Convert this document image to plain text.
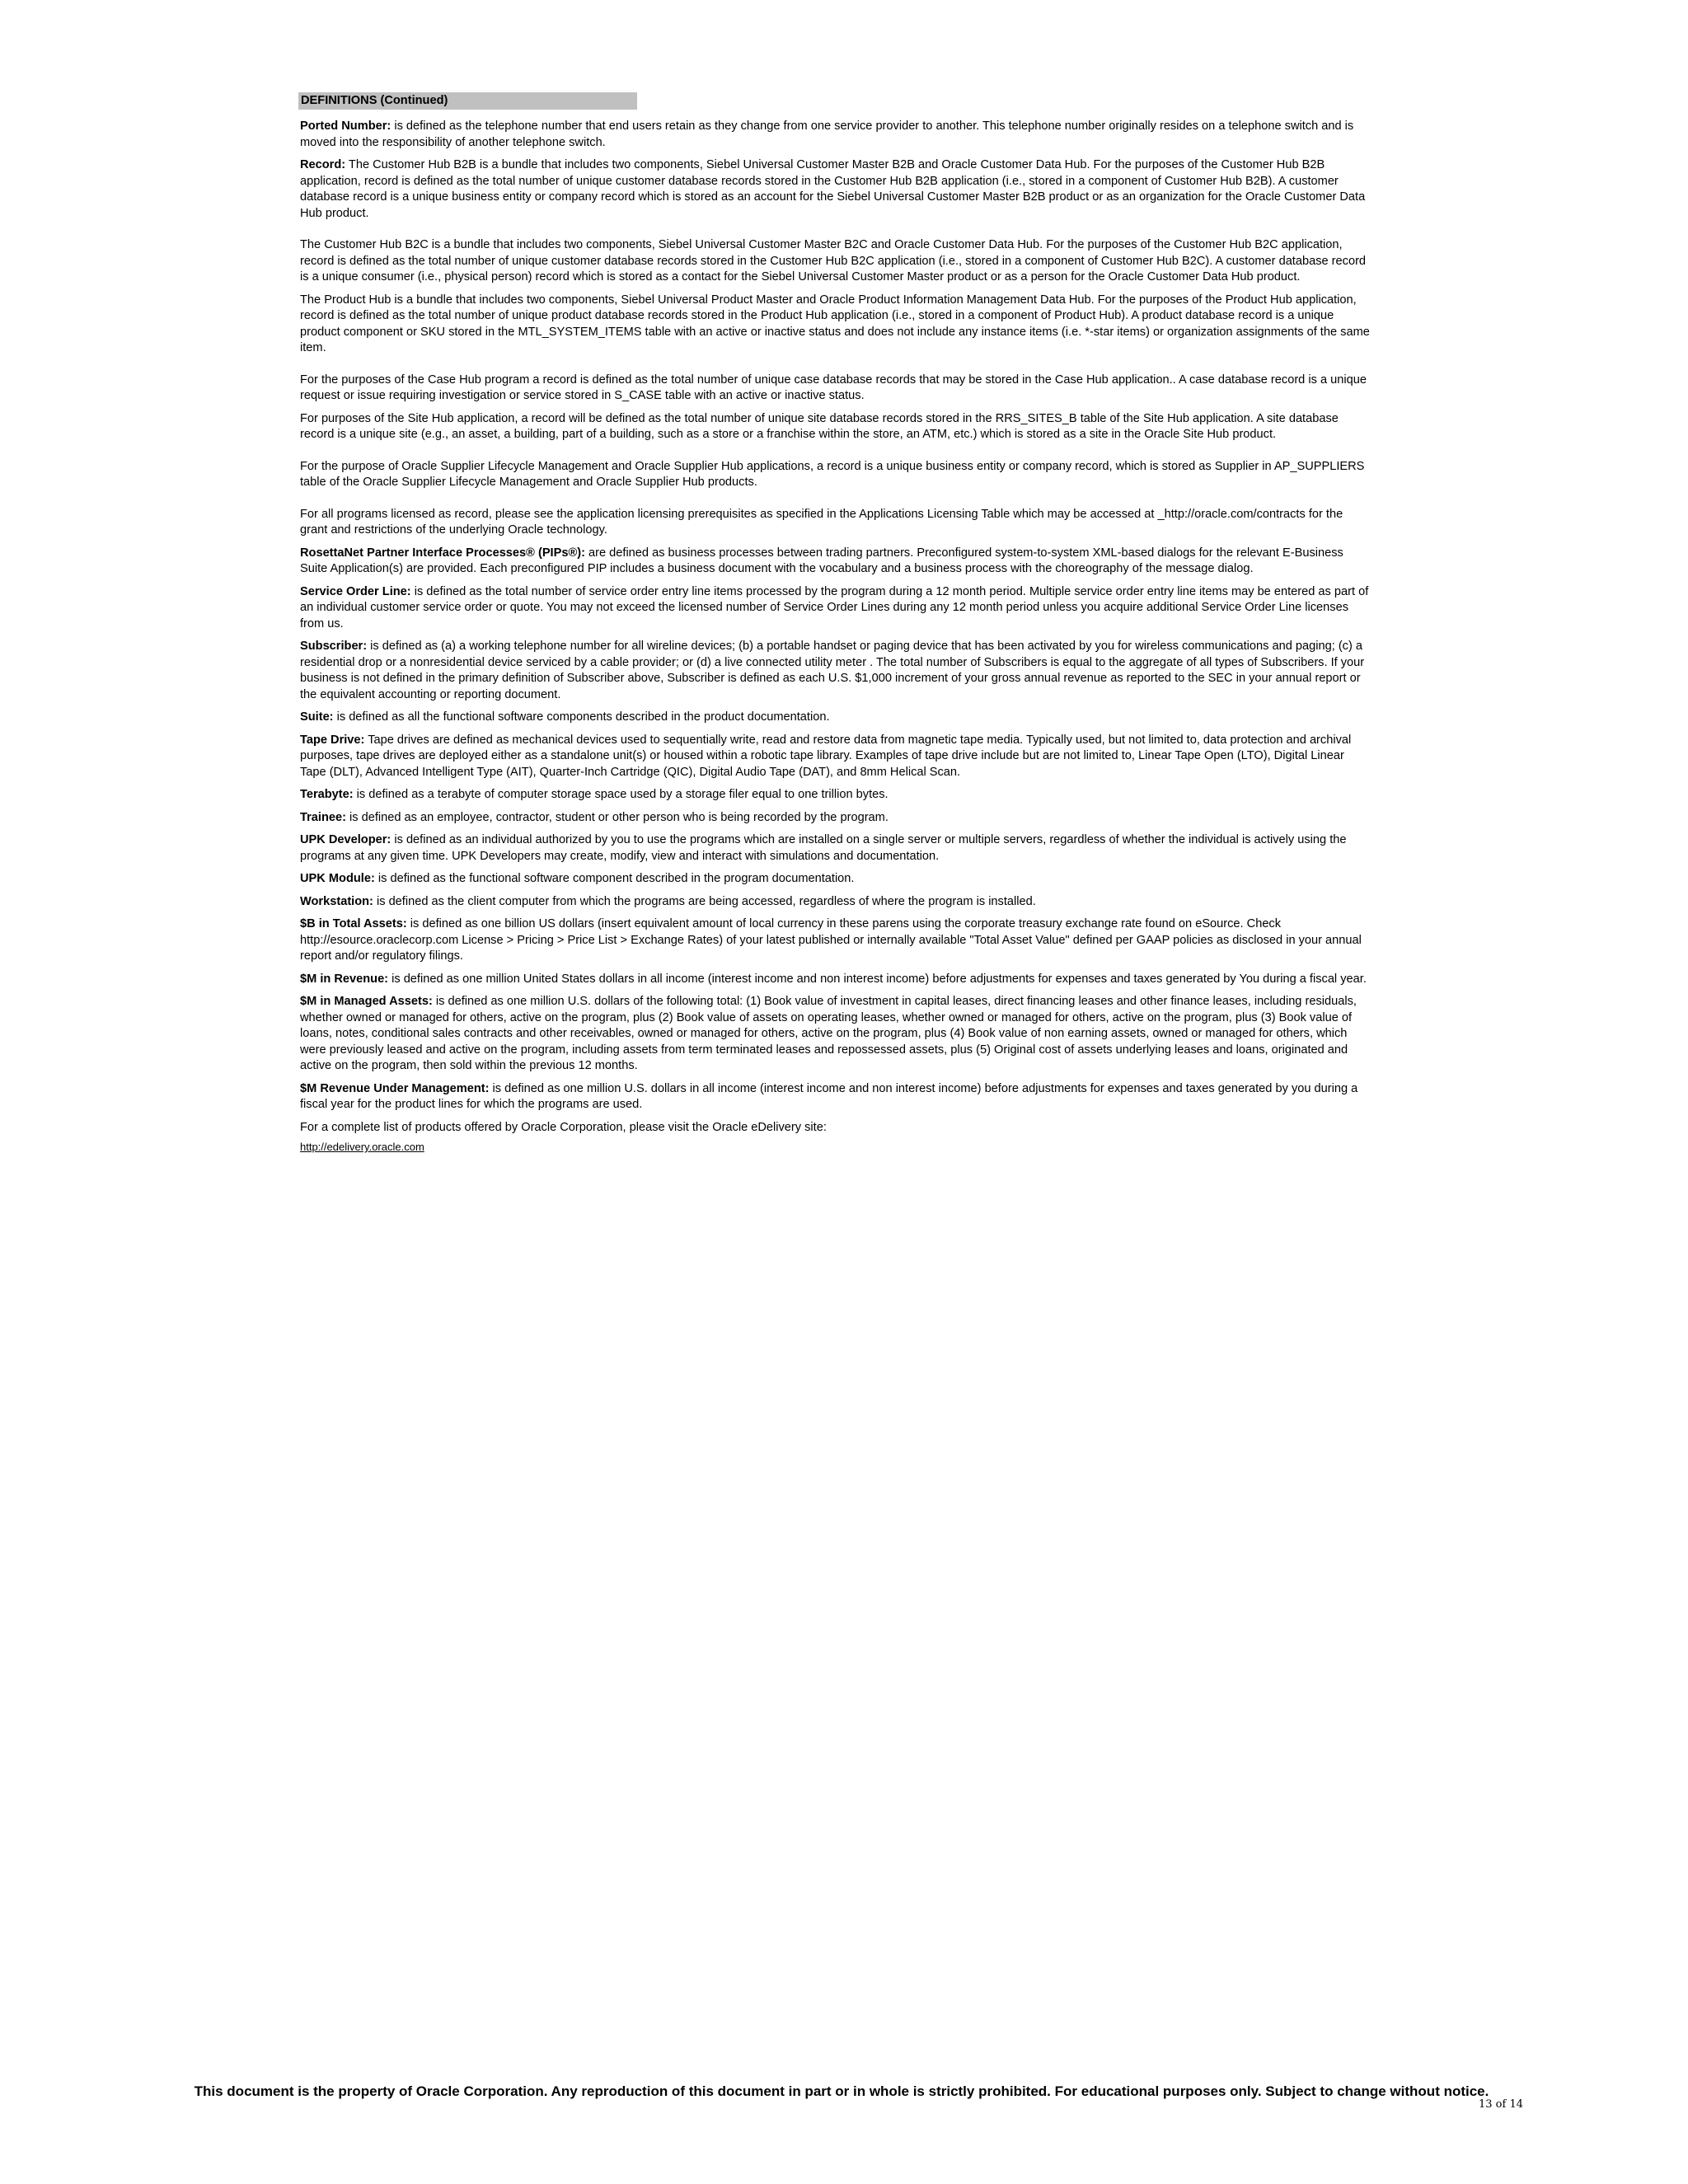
DEFINITIONS (Continued)

Ported Number: is defined as the telephone number that end users retain as they change from one service provider to another. This telephone number originally resides on a telephone switch and is moved into the responsibility of another telephone switch.

Record: The Customer Hub B2B is a bundle that includes two components, Siebel Universal Customer Master B2B and Oracle Customer Data Hub. For the purposes of the Customer Hub B2B application, record is defined as the total number of unique customer database records stored in the Customer Hub B2B application (i.e., stored in a component of Customer Hub B2B). A customer database record is a unique business entity or company record which is stored as an account for the Siebel Universal Customer Master B2B product or as an organization for the Oracle Customer Data Hub product.

The Customer Hub B2C is a bundle that includes two components, Siebel Universal Customer Master B2C and Oracle Customer Data Hub. For the purposes of the Customer Hub B2C application, record is defined as the total number of unique customer database records stored in the Customer Hub B2C application (i.e., stored in a component of Customer Hub B2C). A customer database record is a unique consumer (i.e., physical person) record which is stored as a contact for the Siebel Universal Customer Master product or as a person for the Oracle Customer Data Hub product.

The Product Hub is a bundle that includes two components, Siebel Universal Product Master and Oracle Product Information Management Data Hub. For the purposes of the Product Hub application, record is defined as the total number of unique product database records stored in the Product Hub application (i.e., stored in a component of Product Hub). A product database record is a unique product component or SKU stored in the MTL_SYSTEM_ITEMS table with an active or inactive status and does not include any instance items (i.e. *-star items) or organization assignments of the same item.

For the purposes of the Case Hub program a record is defined as the total number of unique case database records that may be stored in the Case Hub application.. A case database record is a unique request or issue requiring investigation or service stored in S_CASE table with an active or inactive status.

For purposes of the Site Hub application, a record will be defined as the total number of unique site database records stored in the RRS_SITES_B table of the Site Hub application. A site database record is a unique site (e.g., an asset, a building, part of a building, such as a store or a franchise within the store, an ATM, etc.) which is stored as a site in the Oracle Site Hub product.

For the purpose of Oracle Supplier Lifecycle Management and Oracle Supplier Hub applications, a record is a unique business entity or company record, which is stored as Supplier in AP_SUPPLIERS table of the Oracle Supplier Lifecycle Management and Oracle Supplier Hub products.

For all programs licensed as record, please see the application licensing prerequisites as specified in the Applications Licensing Table which may be accessed at _http://oracle.com/contracts for the grant and restrictions of the underlying Oracle technology.

RosettaNet Partner Interface Processes® (PIPs®): are defined as business processes between trading partners. Preconfigured system-to-system XML-based dialogs for the relevant E-Business Suite Application(s) are provided. Each preconfigured PIP includes a business document with the vocabulary and a business process with the choreography of the message dialog.

Service Order Line: is defined as the total number of service order entry line items processed by the program during a 12 month period. Multiple service order entry line items may be entered as part of an individual customer service order or quote. You may not exceed the licensed number of Service Order Lines during any 12 month period unless you acquire additional Service Order Line licenses from us.

Subscriber: is defined as (a) a working telephone number for all wireline devices; (b) a portable handset or paging device that has been activated by you for wireless communications and paging; (c) a residential drop or a nonresidential device serviced by a cable provider; or (d) a live connected utility meter . The total number of Subscribers is equal to the aggregate of all types of Subscribers. If your business is not defined in the primary definition of Subscriber above, Subscriber is defined as each U.S. $1,000 increment of your gross annual revenue as reported to the SEC in your annual report or the equivalent accounting or reporting document.

Suite: is defined as all the functional software components described in the product documentation.

Tape Drive: Tape drives are defined as mechanical devices used to sequentially write, read and restore data from magnetic tape media. Typically used, but not limited to, data protection and archival purposes, tape drives are deployed either as a standalone unit(s) or housed within a robotic tape library. Examples of tape drive include but are not limited to, Linear Tape Open (LTO), Digital Linear Tape (DLT), Advanced Intelligent Type (AIT), Quarter-Inch Cartridge (QIC), Digital Audio Tape (DAT), and 8mm Helical Scan.

Terabyte: is defined as a terabyte of computer storage space used by a storage filer equal to one trillion bytes.

Trainee: is defined as an employee, contractor, student or other person who is being recorded by the program.

UPK Developer: is defined as an individual authorized by you to use the programs which are installed on a single server or multiple servers, regardless of whether the individual is actively using the programs at any given time. UPK Developers may create, modify, view and interact with simulations and documentation.

UPK Module: is defined as the functional software component described in the program documentation.

Workstation: is defined as the client computer from which the programs are being accessed, regardless of where the program is installed.

$B in Total Assets: is defined as one billion US dollars (insert equivalent amount of local currency in these parens using the corporate treasury exchange rate found on eSource. Check http://esource.oraclecorp.com License > Pricing > Price List > Exchange Rates) of your latest published or internally available "Total Asset Value" defined per GAAP policies as disclosed in your annual report and/or regulatory filings.

$M in Revenue: is defined as one million United States dollars in all income (interest income and non interest income) before adjustments for expenses and taxes generated by You during a fiscal year.

$M in Managed Assets: is defined as one million U.S. dollars of the following total: (1) Book value of investment in capital leases, direct financing leases and other finance leases, including residuals, whether owned or managed for others, active on the program, plus (2) Book value of assets on operating leases, whether owned or managed for others, active on the program, plus (3) Book value of loans, notes, conditional sales contracts and other receivables, owned or managed for others, active on the program, plus (4) Book value of non earning assets, owned or managed for others, which were previously leased and active on the program, including assets from term terminated leases and repossessed assets, plus (5) Original cost of assets underlying leases and loans, originated and active on the program, then sold within the previous 12 months.

$M Revenue Under Management: is defined as one million U.S. dollars in all income (interest income and non interest income) before adjustments for expenses and taxes generated by you during a fiscal year for the product lines for which the programs are used.

For a complete list of products offered by Oracle Corporation, please visit the Oracle eDelivery site:

http://edelivery.oracle.com
This document is the property of Oracle Corporation. Any reproduction of this document in part or in whole is strictly prohibited. For educational purposes only. Subject to change without notice.
13 of 14
